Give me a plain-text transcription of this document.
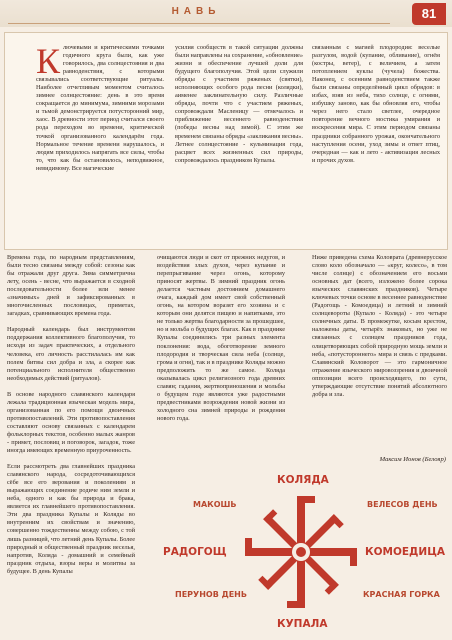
НАВЬ	81
К лючевыми и критическими точками годичного круга были, как уже говорилось, два солнцестояния и два равноденствия, с которыми связывались соответствующие ритуалы. Наиболее отчетливым моментом считалось зимнее солнцестояние: день в это время сокращается до минимума, зимними морозами и тьмой демонстрируется потусторонний мир, хаос. В древности этот период считался своего рода переходом во времени, критической точкой организованного календарём года. Нормальное течение времени нарушалось, и людям приходилось напрягать все силы, чтобы то, что как бы остановилось, неподвижное, невидимому. Все магические
усилия сообществ в такой ситуации должны были направлены на сохранение, «обновление» жизни и обеспечение лучшей доли для будущего благополучия. Этой цели служили обряды с участием ряженых (святки), исполняющих особого рода песни (колядки), аименее заклинательную силу. Различные обряды, почти что с участием ряженых, сопровождали Масленицу — отмечалось и приближение весеннего равноденствия (победы весны над зимой). С этим же временем связаны обряды «закликания весны». Летнее солнцестояние - кульминация года, расцвет всех жизненных сил природы, сопровождалось праздником Купалы.
связанным с магией плодородия: веселые разгулом, водой (купание, обливание), огнём (костры, ветер), с величием, а затем потоплением куклы (чучела) божества. Наконец, с осенним равноденствием также были связаны определённый цикл обрядов: в избах, взяв из неба, тихо солнце, с огнями, избушку заново, как бы обновляя его, чтобы через него стало светлее, очередное повторение вечного мостика умирания и воскресения мира. С этим периодом связаны праздники собранного урожая, окончательного наступления осени, уход зимы и ответ птиц, очередная — как и лето - активизация лесных и прочих духов.

Времена года, по народным представлениям, были тесно связаны между собой: сезоны как бы отражали друг друга. Зима симметрична лету, осень - весне, что выражается в сходной последовательности более или менее «значимых» дней и зафиксированных в многочисленных пословицах, приметах, загадках, сравнивающих времена года.

Народный календарь был инструментом поддержания коллективного благополучия, то исходя из задач практических, а отдельного человека, его личность расстилалась им как полем битвы сил добра и зла, а скорее как потенциального исполнителя общественно необходимых действий (ритуалов).

В основе народного славянского календаря лежала традиционная языческая модель мира, организованная по его помощи двоичных противопоставлений. Эти противопоставления составляют основу связанных с календарем фольклорных текстов, особенно малых жанров - примет, пословиц и поговорок, загадок, тоже иногда имеющих временную приуроченность.

Если рассмотреть два главнейших праздника славянского народа, сосредоточивающихся сёбе все его верования и поколениям и выражающих соединение родиче ним земли и неба, одного и как бы природа и брака, является их главнейшего противопоставления. Эти два праздника Купалы и Коляды во внутренним их свойствам и значению, совершенно тождественны между собою, с той лишь разницей, что летний день Купалы. Более природный и общественный праздник веселья, напротив, Коляда - домашний и семейный праздник отдыха, взоры веры и молитвы за будущее. В день Купалы

очищаются люди и скот от прежних недугов, и воздействия злых духов, через купание и перепрыгивание через огонь, которому приносят жертвы. В зимний праздник огонь делается частным достоянием домашнего очага, каждый дом имеет свой собственный огонь, на котором воразят его хозяина и с которым они делятся пищею и напитками, это не только жертва благодарности за прошедшее, но и мольба о будущих благах. Как в празднике Купалы соединились три разных элемента поклонения: вода, обоготворение земного плодородия и творческая сила неба (солнце, грома и огня), так и в празднике Коляды можно предположить то же самое. Коляда оказывалась цикл религиозного года древних славян; гадания, жертвоприношения и мольбы о будущем годе являются уже радостными предвестниками возрождения новой жизни из холодного сна зимней природы и рождения нового года.

Ниже приведена схема Коловрата (древнерусское слово коло обозначало — «круг, колесо», в том числе солнце) с обозначением его восьми основных дат (всего, изложено более сорока языческих славянских праздников). Четыре ключевых точки основе в весеннее равноденствие (Радогощь - Комоедица) и летний и зимний солнцевороты (Купало - Коляда) - это четыре солнечных даты. В промежутке, косым крестом, наложены даты, четырёх знаковых, но уже не связанных с солнцем праздников года, олицетворяющих собой природную мощь земли и неба, «потустороннего» мира и связь с предками. Славянский Коловорот — это гармоничное отражение языческого мировоззрения и двоичной оппозиции всего происходящего, по сути, утверждающие отсутствие понятий абсолютного добра и зла.

Максим Ионов (Белояр)
КОЛЯДА
КУПАЛА
РАДОГОЩ	КОМОЕДИЦА
МАКОШЬ	ВЕЛЕСОВ ДЕНЬ
ПЕРУНОВ ДЕНЬ	КРАСНАЯ ГОРКА
